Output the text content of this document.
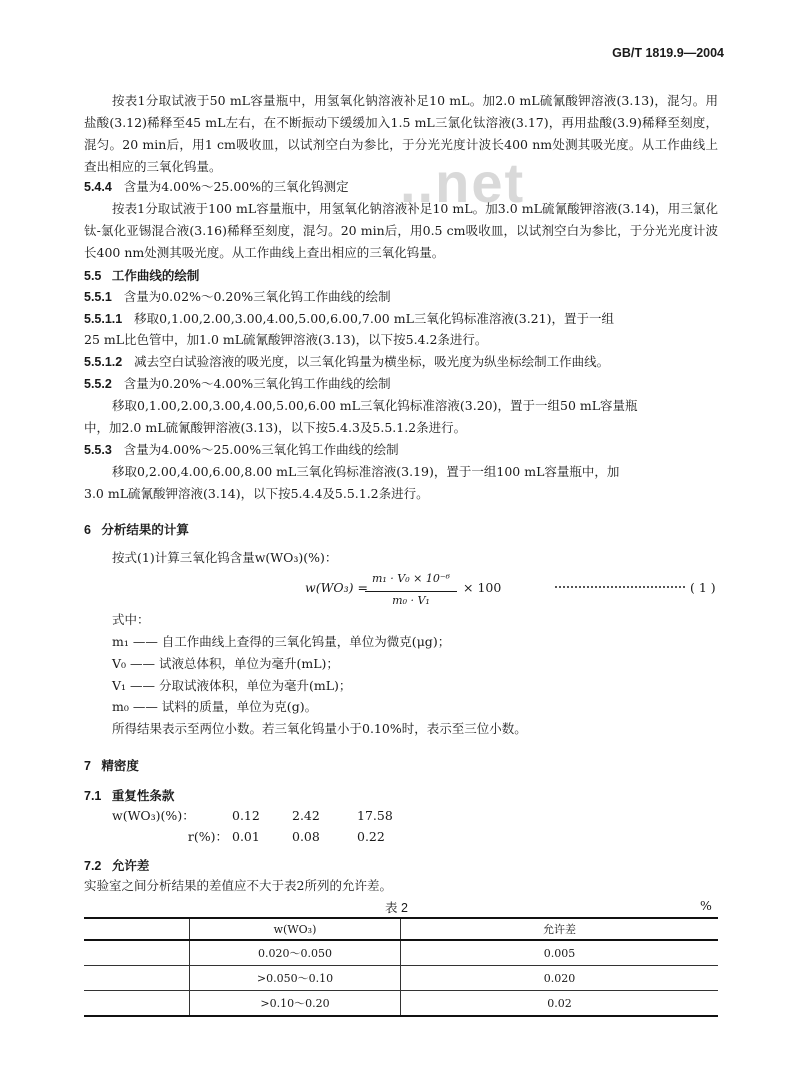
GB/T 1819.9—2004
..net
按表1分取试液于50 mL容量瓶中，用氢氧化钠溶液补足10 mL。加2.0 mL硫氰酸钾溶液(3.13)，混匀。用盐酸(3.12)稀释至45 mL左右，在不断振动下缓缓加入1.5 mL三氯化钛溶液(3.17)，再用盐酸(3.9)稀释至刻度，混匀。20 min后，用1 cm吸收皿，以试剂空白为参比，于分光光度计波长400 nm处测其吸光度。从工作曲线上查出相应的三氧化钨量。
5.4.4 含量为4.00%～25.00%的三氧化钨测定
按表1分取试液于100 mL容量瓶中，用氢氧化钠溶液补足10 mL。加3.0 mL硫氰酸钾溶液(3.14)，用三氯化钛-氯化亚锡混合液(3.16)稀释至刻度，混匀。20 min后，用0.5 cm吸收皿，以试剂空白为参比，于分光光度计波长400 nm处测其吸光度。从工作曲线上查出相应的三氧化钨量。
5.5 工作曲线的绘制
5.5.1 含量为0.02%～0.20%三氧化钨工作曲线的绘制
5.5.1.1 移取0,1.00,2.00,3.00,4.00,5.00,6.00,7.00 mL三氧化钨标准溶液(3.21)，置于一组
25 mL比色管中，加1.0 mL硫氰酸钾溶液(3.13)，以下按5.4.2条进行。
5.5.1.2 减去空白试验溶液的吸光度，以三氧化钨量为横坐标，吸光度为纵坐标绘制工作曲线。
5.5.2 含量为0.20%～4.00%三氧化钨工作曲线的绘制
移取0,1.00,2.00,3.00,4.00,5.00,6.00 mL三氧化钨标准溶液(3.20)，置于一组50 mL容量瓶
中，加2.0 mL硫氰酸钾溶液(3.13)，以下按5.4.3及5.5.1.2条进行。
5.5.3 含量为4.00%～25.00%三氧化钨工作曲线的绘制
移取0,2.00,4.00,6.00,8.00 mL三氧化钨标准溶液(3.19)，置于一组100 mL容量瓶中，加
3.0 mL硫氰酸钾溶液(3.14)，以下按5.4.4及5.5.1.2条进行。
6 分析结果的计算
按式(1)计算三氧化钨含量w(WO₃)(%)：
w(WO₃) =
m₁ · V₀ × 10⁻⁶
m₀ · V₁
× 100	( 1 )
式中：
m₁ —— 自工作曲线上查得的三氧化钨量，单位为微克(μg)；
V₀ —— 试液总体积，单位为毫升(mL)；
V₁ —— 分取试液体积，单位为毫升(mL)；
m₀ —— 试料的质量，单位为克(g)。
所得结果表示至两位小数。若三氧化钨量小于0.10%时，表示至三位小数。
7 精密度
7.1 重复性条款
w(WO₃)(%)：	0.12	2.42	17.58
r(%)：	0.01	0.08	0.22
7.2 允许差
实验室之间分析结果的差值应不大于表2所列的允许差。
表 2	%
	w(WO₃)	允许差
	0.020～0.050	0.005
	>0.050～0.10	0.020
	>0.10～0.20	0.02
